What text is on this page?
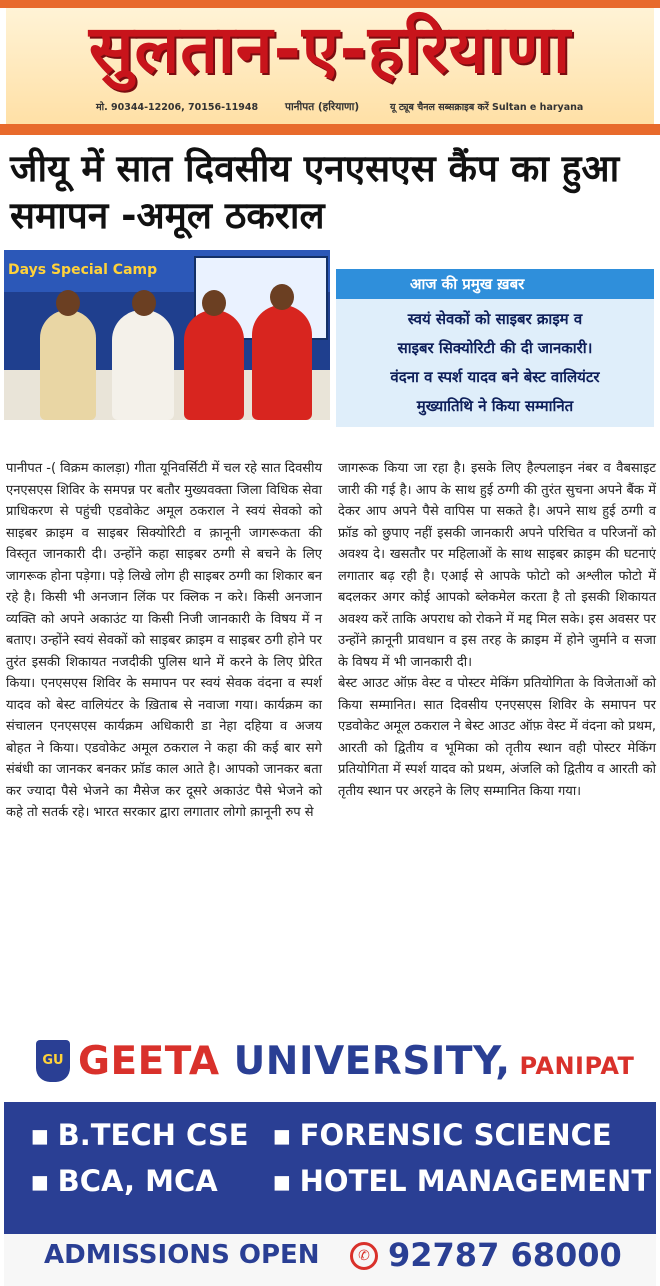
सुलतान-ए-हरियाणा
मो. 90344-12206, 70156-11948	पानीपत (हरियाणा)	यू ट्यूब चैनल सब्सक्राइब करें Sultan e haryana
जीयू में सात दिवसीय एनएसएस कैंप का हुआ
समापन -अमूल ठकराल
Days Special Camp
आज की प्रमुख ख़बर
स्वयं सेवकों को साइबर क्राइम व
साइबर सिक्योरिटी की दी जानकारी।
वंदना व स्पर्श यादव बने बेस्ट वालियंटर
मुख्यातिथि ने किया सम्मानित

पानीपत -( विक्रम कालड़ा) गीता यूनिवर्सिटी में चल रहे सात दिवसीय एनएसएस शिविर के समपन्न पर बतौर मुख्यवक्ता जिला विधिक सेवा प्राधिकरण से पहुंची एडवोकेट अमूल ठकराल ने स्वयं सेवको को साइबर क्राइम व साइबर सिक्योरिटी व क़ानूनी जागरूकता की विस्तृत जानकारी दी। उन्होंने कहा साइबर ठग्गी से बचने के लिए जागरूक होना पड़ेगा। पड़े लिखे लोग ही साइबर ठग्गी का शिकार बन रहे है। किसी भी अनजान लिंक पर क्लिक न करे। किसी अनजान व्यक्ति को अपने अकाउंट या किसी निजी जानकारी के विषय में न बताए। उन्होंने स्वयं सेवकों को साइबर क्राइम व साइबर ठगी होने पर तुरंत इसकी शिकायत नजदीकी पुलिस थाने में करने के लिए प्रेरित किया। एनएसएस शिविर के समापन पर स्वयं सेवक वंदना व स्पर्श यादव को बेस्ट वालियंटर के ख़िताब से नवाजा गया। कार्यक्रम का संचालन एनएसएस कार्यक्रम अधिकारी डा नेहा दहिया व अजय बोहत ने किया। एडवोकेट अमूल ठकराल ने कहा की कई बार सगे संबंधी का जानकर बनकर फ्रॉड काल आते है। आपको जानकर बता कर ज्यादा पैसे भेजने का मैसेज कर दूसरे अकाउंट पैसे भेजने को कहे तो सतर्क रहे। भारत सरकार द्वारा लगातार लोगो क़ानूनी रुप से

जागरूक किया जा रहा है। इसके लिए हैल्पलाइन नंबर व वैबसाइट जारी की गई है। आप के साथ हुई ठग्गी की तुरंत सुचना अपने बैंक में देकर आप अपने पैसे वापिस पा सकते है। अपने साथ हुई ठग्गी व फ्रॉड को छुपाए नहीं इसकी जानकारी अपने परिचित व परिजनों को अवश्य दे। खसतौर पर महिलाओं के साथ साइबर क्राइम की घटनाएं लगातार बढ़ रही है। एआई से आपके फोटो को अश्लील फोटो में बदलकर अगर कोई आपको ब्लेकमेल करता है तो इसकी शिकायत अवश्य करें ताकि अपराध को रोकने में मद्द मिल सके। इस अवसर पर उन्होंने क़ानूनी प्रावधान व इस तरह के क्राइम में होने जुर्माने व सजा के विषय में भी जानकारी दी।

बेस्ट आउट ऑफ़ वेस्ट व पोस्टर मेकिंग प्रतियोगिता के विजेताओं को किया सम्मानित। सात दिवसीय एनएसएस शिविर के समापन पर एडवोकेट अमूल ठकराल ने बेस्ट आउट ऑफ़ वेस्ट में वंदना को प्रथम, आरती को द्वितीय व भूमिका को तृतीय स्थान वही पोस्टर मेकिंग प्रतियोगिता में स्पर्श यादव को प्रथम, अंजलि को द्वितीय व आरती को तृतीय स्थान पर अरहने के लिए सम्मानित किया गया।

GU GEETA UNIVERSITY, PANIPAT
▪ B.TECH CSE ▪ FORENSIC SCIENCE
▪ BCA, MCA ▪ HOTEL MANAGEMENT
ADMISSIONS OPEN	✆ 92787 68000
